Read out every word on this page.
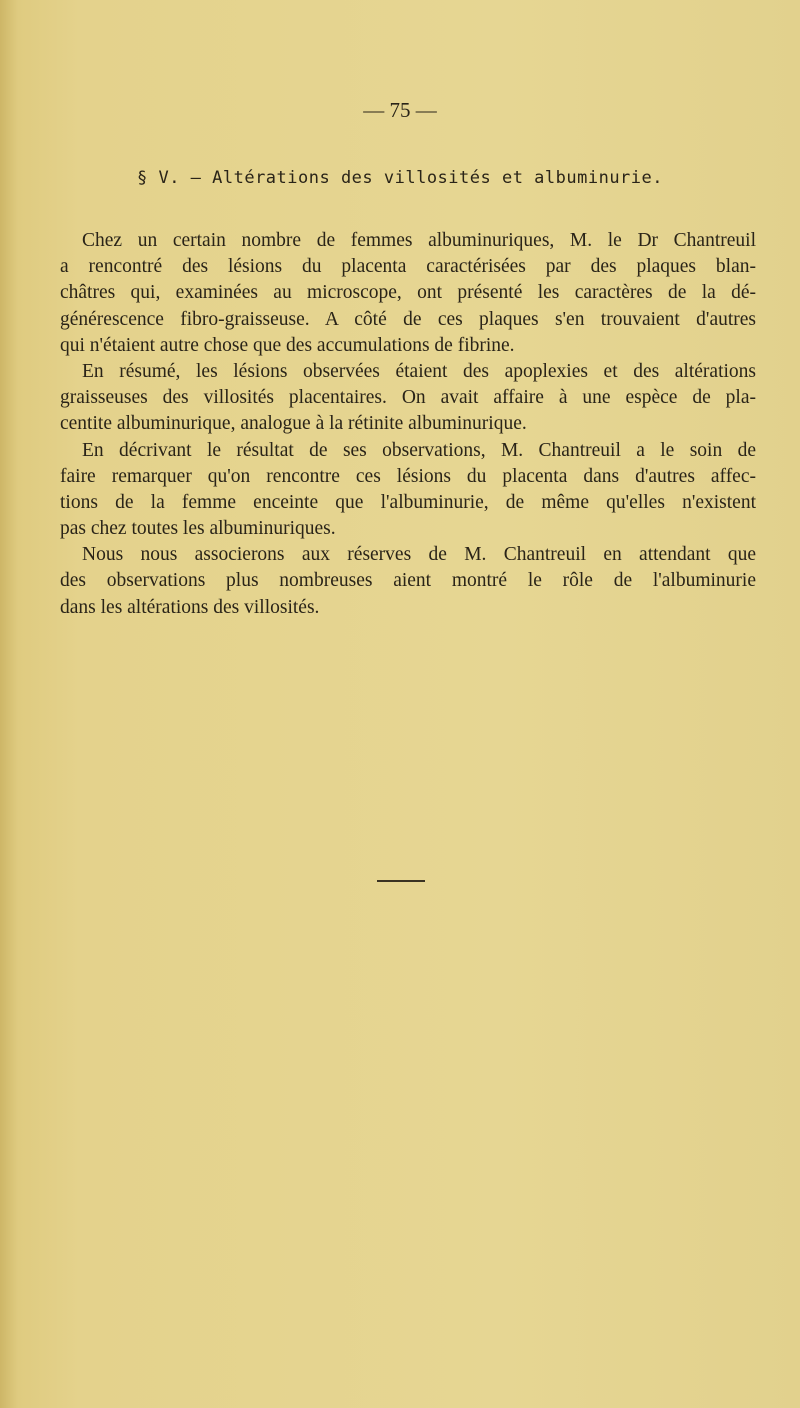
— 75 —
§ V. — Altérations des villosités et albuminurie.
Chez un certain nombre de femmes albuminuriques, M. le Dr Chantreuil
a rencontré des lésions du placenta caractérisées par des plaques blan-
châtres qui, examinées au microscope, ont présenté les caractères de la dé-
générescence fibro-graisseuse. A côté de ces plaques s'en trouvaient d'autres
qui n'étaient autre chose que des accumulations de fibrine.
En résumé, les lésions observées étaient des apoplexies et des altérations
graisseuses des villosités placentaires. On avait affaire à une espèce de pla-
centite albuminurique, analogue à la rétinite albuminurique.
En décrivant le résultat de ses observations, M. Chantreuil a le soin de
faire remarquer qu'on rencontre ces lésions du placenta dans d'autres affec-
tions de la femme enceinte que l'albuminurie, de même qu'elles n'existent
pas chez toutes les albuminuriques.
Nous nous associerons aux réserves de M. Chantreuil en attendant que
des observations plus nombreuses aient montré le rôle de l'albuminurie
dans les altérations des villosités.
